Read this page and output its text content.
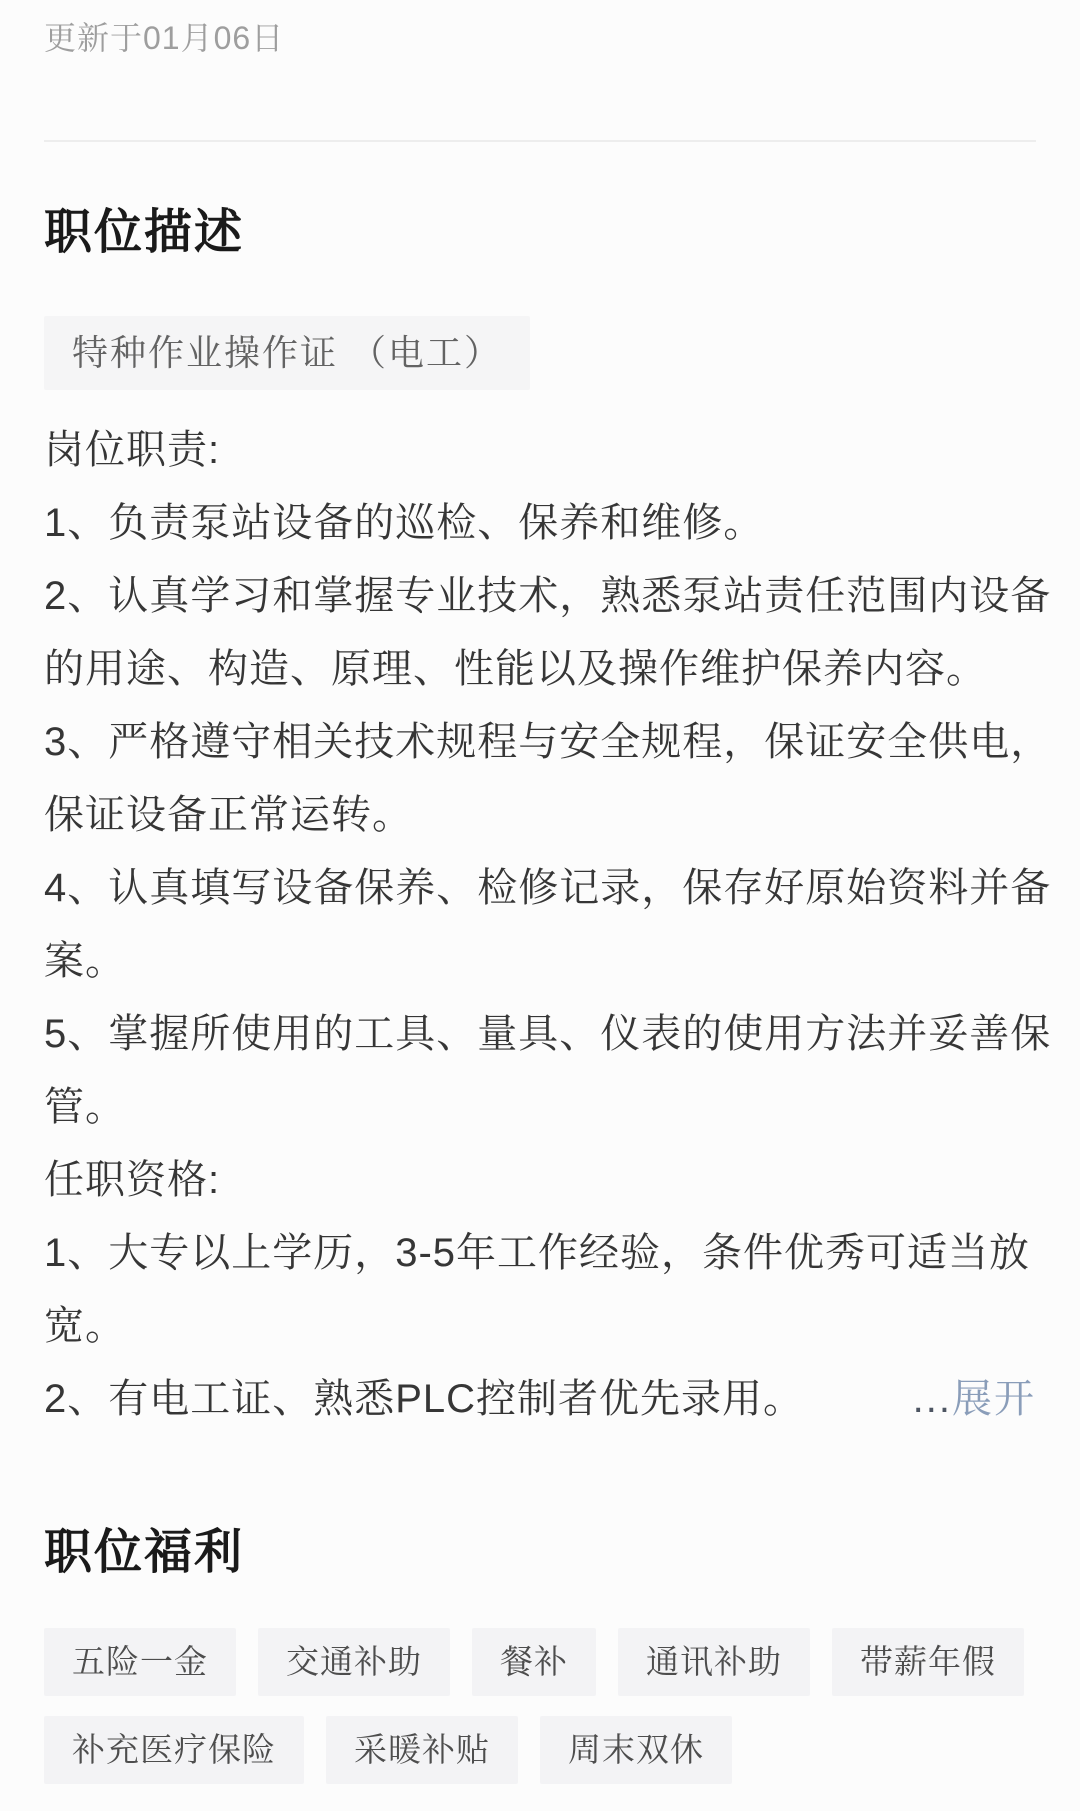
更新于01月06日
职位描述
特种作业操作证 （电工）
岗位职责:
1、负责泵站设备的巡检、保养和维修。
2、认真学习和掌握专业技术，熟悉泵站责任范围内设备
的用途、构造、原理、性能以及操作维护保养内容。
3、严格遵守相关技术规程与安全规程，保证安全供电，
保证设备正常运转。
4、认真填写设备保养、检修记录，保存好原始资料并备
案。
5、掌握所使用的工具、量具、仪表的使用方法并妥善保
管。
任职资格:
1、大专以上学历，3-5年工作经验，条件优秀可适当放
宽。
2、有电工证、熟悉PLC控制者优先录用。	...展开
职位福利
五险一金	交通补助	餐补	通讯补助	带薪年假
补充医疗保险	采暖补贴	周末双休
